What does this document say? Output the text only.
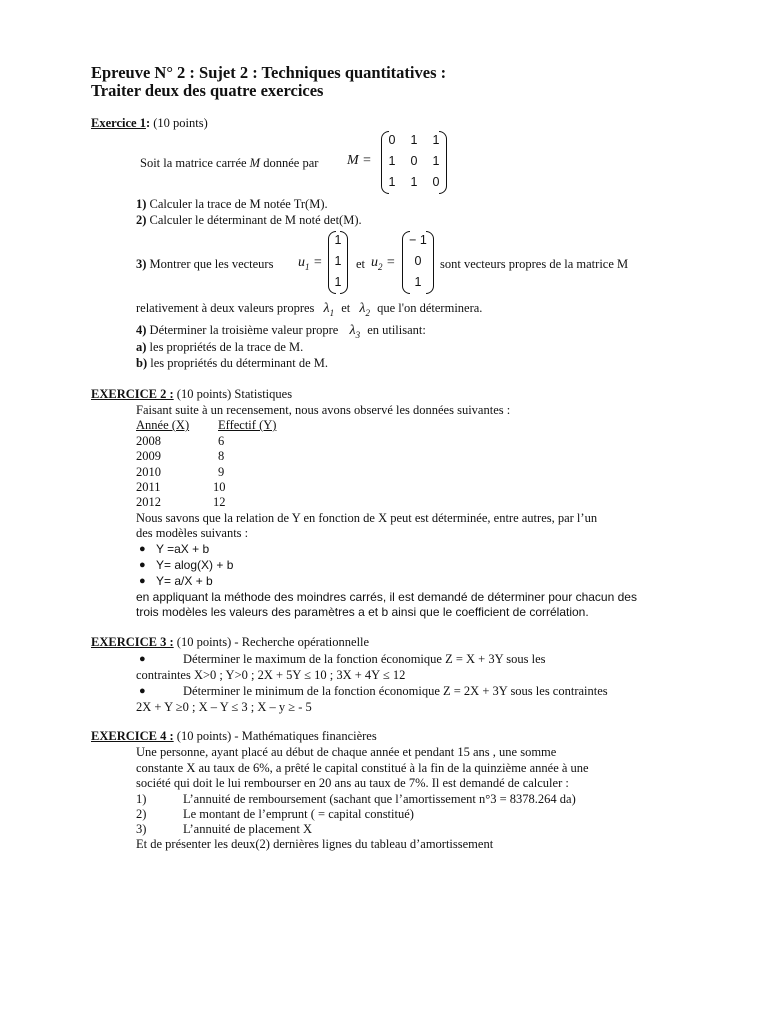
Epreuve N° 2 : Sujet 2 : Techniques quantitatives :
Traiter deux des quatre exercices
Exercice 1: (10 points)
Soit la matrice carrée M donnée par M =
0	1	1
1	0	1
1	1	0
1) Calculer la trace de M notée Tr(M).
2) Calculer le déterminant de M noté det(M).
3) Montrer que les vecteurs $u_1$ =
1
1
1
et $u_2$ =
− 1
0
1
sont vecteurs propres de la matrice M
relativement à deux valeurs propres $\lambda_1$ et $\lambda_2$ que l'on déterminera.
4) Déterminer la troisième valeur propre $\lambda_3$ en utilisant:
a) les propriétés de la trace de M.
b) les propriétés du déterminant de M.
EXERCICE 2 : (10 points) Statistiques
Faisant suite à un recensement, nous avons observé les données suivantes :
Année (X) Effectif (Y)
2008	6
2009	8
2010	9
2011	10
2012	12
Nous savons que la relation de Y en fonction de X peut est déterminée, entre autres, par l’un
des modèles suivants :
● Y =aX + b
● Y= alog(X) + b
● Y= a/X + b
en appliquant la méthode des moindres carrés, il est demandé de déterminer pour chacun des
trois modèles les valeurs des paramètres a et b ainsi que le coefficient de corrélation.
EXERCICE 3 : (10 points) - Recherche opérationnelle
●	Déterminer le maximum de la fonction économique Z = X + 3Y sous les
contraintes X>0 ; Y>0 ; 2X + 5Y ≤ 10 ; 3X + 4Y ≤ 12
●	Déterminer le minimum de la fonction économique Z = 2X + 3Y sous les contraintes
2X + Y ≥0 ; X – Y ≤ 3 ; X – y ≥ - 5
EXERCICE 4 : (10 points) - Mathématiques financières
Une personne, ayant placé au début de chaque année et pendant 15 ans , une somme
constante X au taux de 6%, a prêté le capital constitué à la fin de la quinzième année à une
société qui doit le lui rembourser en 20 ans au taux de 7%. Il est demandé de calculer :
1)	L’annuité de remboursement (sachant que l’amortissement n°3 = 8378.264 da)
2)	Le montant de l’emprunt ( = capital constitué)
3)	L’annuité de placement X
Et de présenter les deux(2) dernières lignes du tableau d’amortissement
